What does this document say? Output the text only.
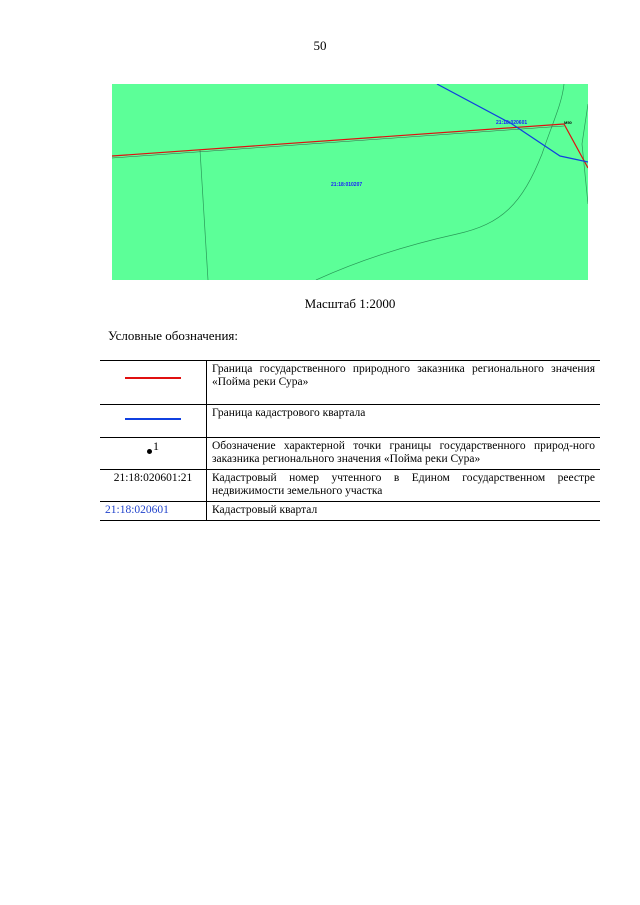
50
21:18:010207
21:18:020601	M50
Масштаб 1:2000
Условные обозначения:
	Граница государственного природного заказника регионального значения «Пойма реки Сура»
	Граница кадастрового квартала
1	Обозначение характерной точки границы государственного природ-ного заказника регионального значения «Пойма реки Сура»
21:18:020601:21	Кадастровый номер учтенного в Едином государственном реестре недвижимости земельного участка
21:18:020601	Кадастровый квартал
